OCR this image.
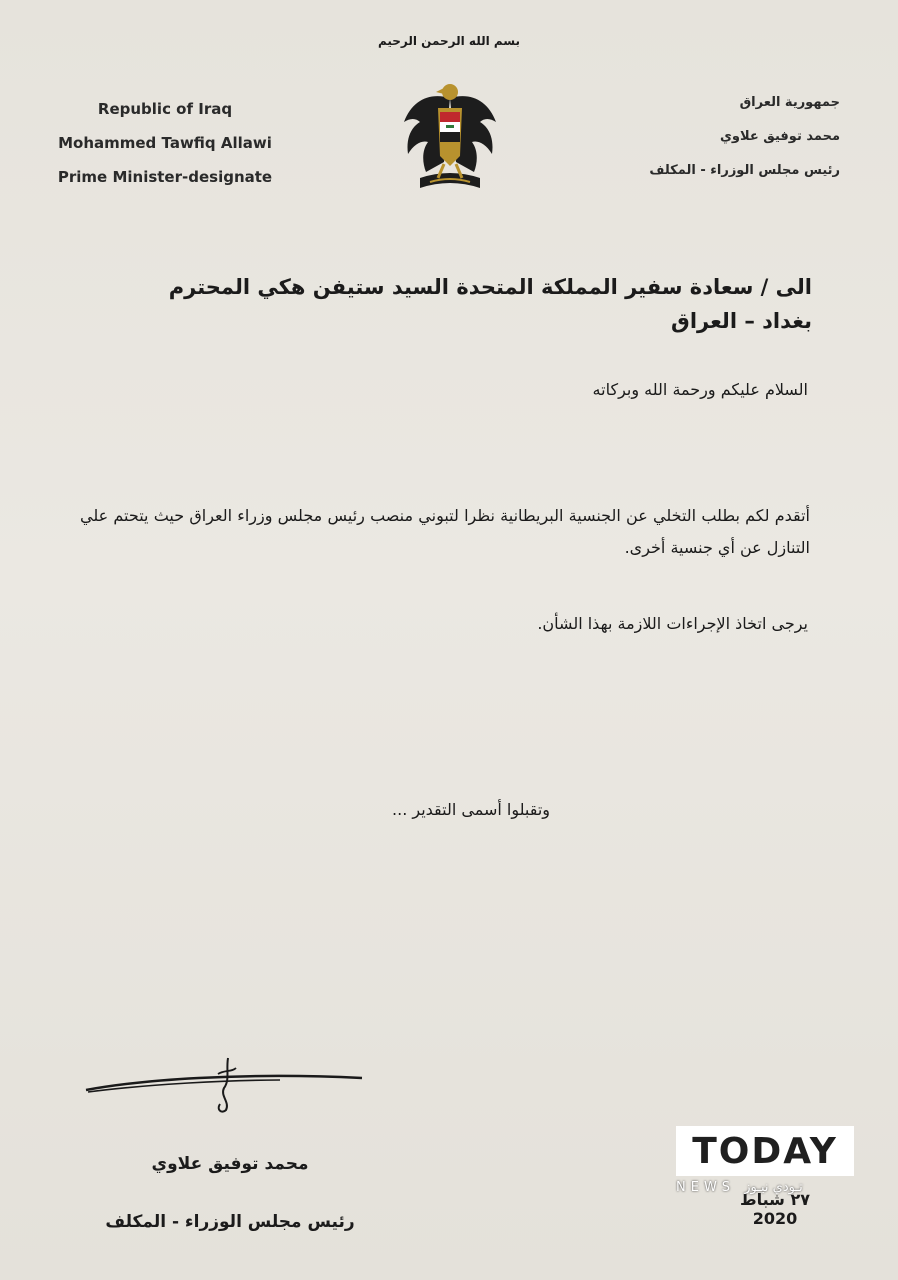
بسم الله الرحمن الرحيم
Republic of Iraq
Mohammed Tawfiq Allawi
Prime Minister-designate
جمهورية العراق
محمد توفيق علاوي
رئيس مجلس الوزراء - المكلف
الى / سعادة سفير المملكة المتحدة السيد ستيفن هكي المحترم
بغداد – العراق
السلام عليكم ورحمة الله وبركاته
أتقدم لكم بطلب التخلي عن الجنسية البريطانية نظرا لتبوني منصب رئيس مجلس وزراء العراق حيث يتحتم علي التنازل عن أي جنسية أخرى.
يرجى اتخاذ الإجراءات اللازمة بهذا الشأن.
وتقبلوا أسمى التقدير ...
محمد توفيق علاوي
رئيس مجلس الوزراء - المكلف
٢٧ شباط 2020
TODAY
NEWS تـودي نيـوز
